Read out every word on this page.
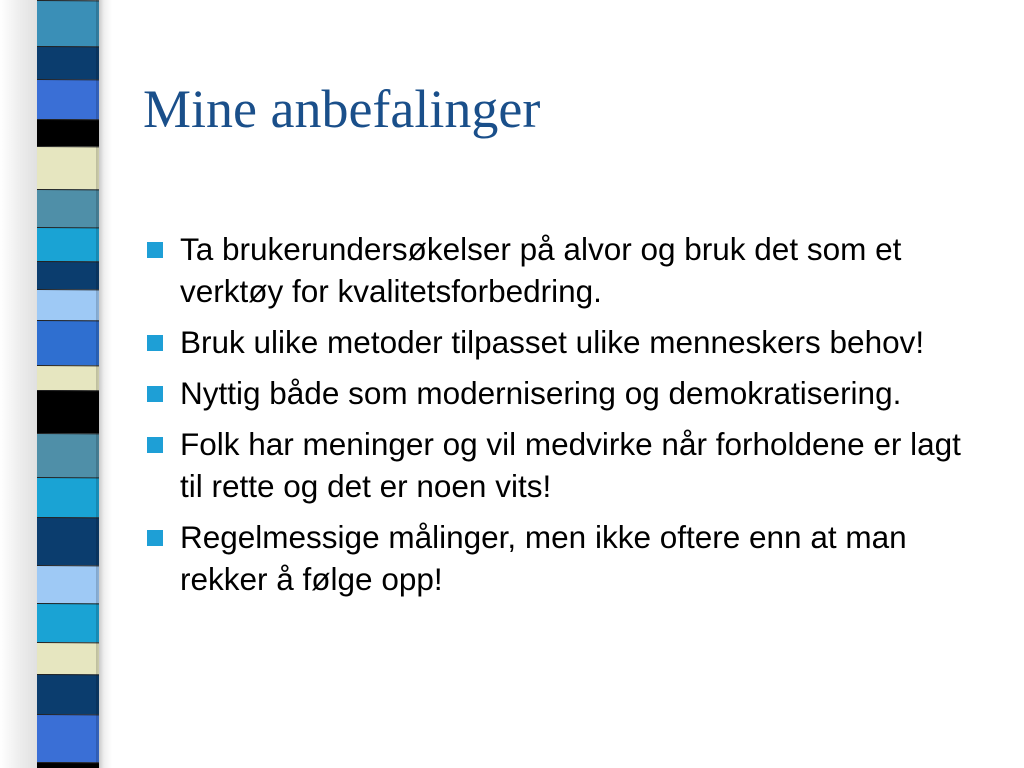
Mine anbefalinger
Ta brukerundersøkelser på alvor og bruk det som et verktøy for kvalitetsforbedring.
Bruk ulike metoder tilpasset ulike menneskers behov!
Nyttig både som modernisering og demokratisering.
Folk har meninger og vil medvirke når forholdene er lagt til rette og det er noen vits!
Regelmessige målinger, men ikke oftere enn at man rekker å følge opp!
